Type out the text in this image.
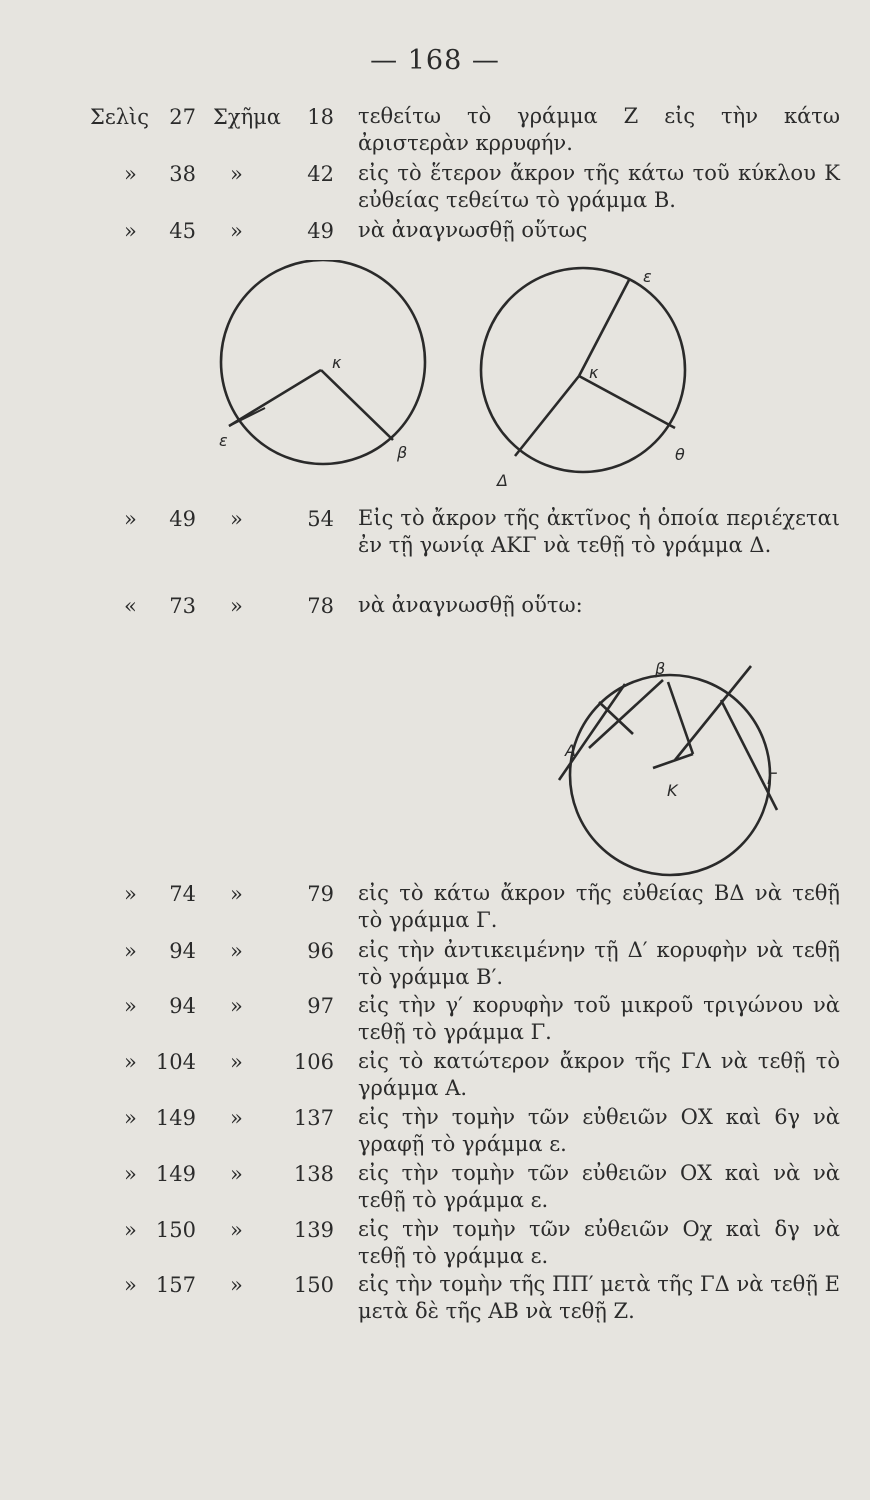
— 168 —
Σελὶς 27 Σχῆμα	18 τεθείτω τὸ γράμμα Ζ εἰς τὴν κάτω ἀριστερὰν κρρυφήν.
»	38 »	42 εἰς τὸ ἕτερον ἄκρον τῆς κάτω τοῦ κύκλου Κ εὐθείας τεθείτω τὸ γράμμα Β.
»	45 »	49 νὰ ἀναγνωσθῇ οὕτως
κ
ε
β
ε
κ
θ
Δ
»	49 »	54 Εἰς τὸ ἄκρον τῆς ἀκτῖνος ἡ ὁποία περιέχεται ἐν τῇ γωνίᾳ ΑΚΓ νὰ τεθῇ τὸ γράμμα Δ.
«	73 »	78 νὰ ἀναγνωσθῇ οὕτω:
β
Α
Κ
Γ
»	74 »	79 εἰς τὸ κάτω ἄκρον τῆς εὐθείας ΒΔ νὰ τεθῇ τὸ γράμμα Γ.
»	94 »	96 εἰς τὴν ἀντικειμένην τῇ Δ′ κορυφὴν νὰ τεθῇ τὸ γράμμα Β′.
»	94 »	97 εἰς τὴν γ′ κορυφὴν τοῦ μικροῦ τριγώνου νὰ τεθῇ τὸ γράμμα Γ.
» 104 »	106 εἰς τὸ κατώτερον ἄκρον τῆς ΓΛ νὰ τεθῇ τὸ γράμμα Α.
» 149 »	137 εἰς τὴν τομὴν τῶν εὐθειῶν ΟΧ καὶ 6γ νὰ γραφῇ τὸ γράμμα ε.
» 149 »	138 εἰς τὴν τομὴν τῶν εὐθειῶν ΟΧ καὶ νὰ νὰ τεθῇ τὸ γράμμα ε.
» 150 »	139 εἰς τὴν τομὴν τῶν εὐθειῶν Οχ καὶ δγ νὰ τεθῇ τὸ γράμμα ε.
» 157 »	150 εἰς τὴν τομὴν τῆς ΠΠ′ μετὰ τῆς ΓΔ νὰ τεθῇ Ε μετὰ δὲ τῆς ΑΒ νὰ τεθῇ Ζ.
